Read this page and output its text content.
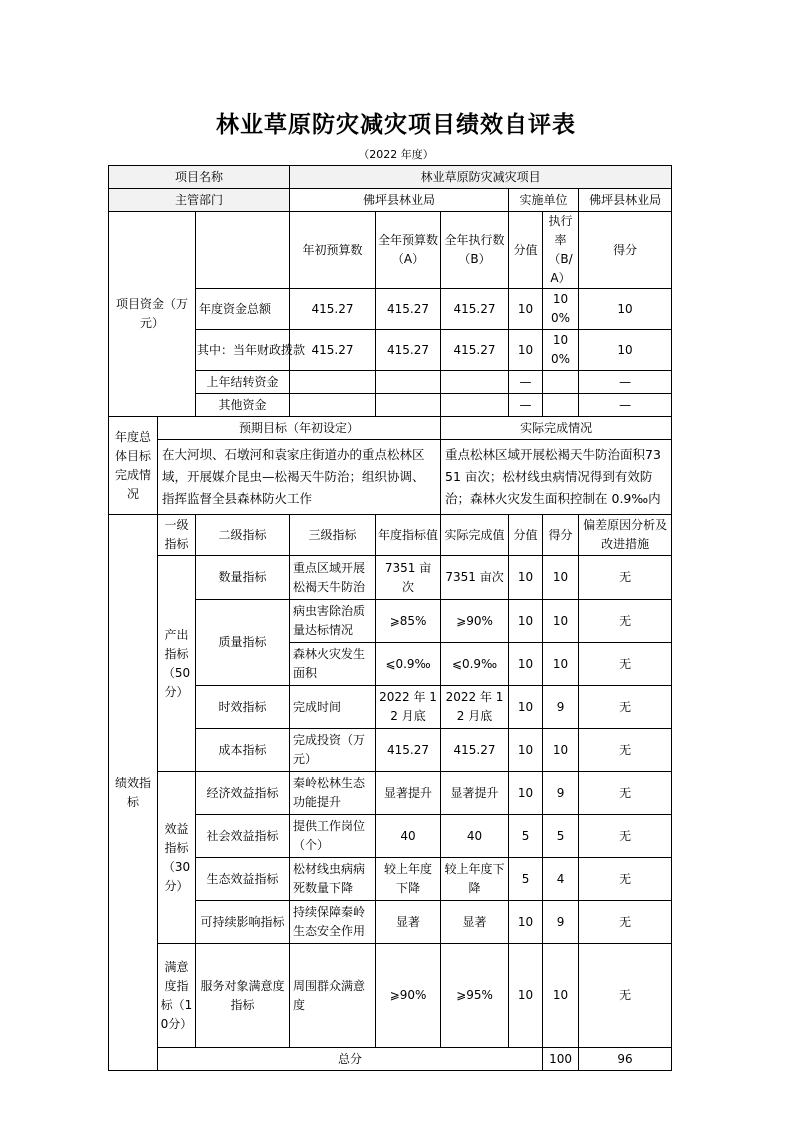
林业草原防灾减灾项目绩效自评表
（2022 年度）
项目名称			林业草原防灾减灾项目						
主管部门			佛坪县林业局			实施单位		佛坪县林业局	
项目资金（万元）			年初预算数	全年预算数（A）	全年执行数（B）	分值	执行率（B/A）	得分	
		年度资金总额	415.27	415.27	415.27	10	100%	10	
		其中：当年财政拨款	415.27	415.27	415.27	10	100%	10	
		上年结转资金				—		—	
		其他资金				—		—	
年度总体目标完成情况	预期目标（年初设定）				实际完成情况				
	在大河坝、石墩河和袁家庄街道办的重点松林区域，开展媒介昆虫—松褐天牛防治；组织协调、指挥监督全县森林防火工作				重点松林区域开展松褐天牛防治面积7351 亩次；松材线虫病情况得到有效防治；森林火灾发生面积控制在 0.9‰内				
绩效指标	一级指标	二级指标	三级指标	年度指标值	实际完成值	分值	得分	偏差原因分析及改进措施	
	产出指标（50分）	数量指标	重点区域开展松褐天牛防治	7351 亩次	7351 亩次	10	10	无	
		质量指标	病虫害除治质量达标情况	⩾85%	⩾90%	10	10	无	
			森林火灾发生面积	⩽0.9‰	⩽0.9‰	10	10	无	
		时效指标	完成时间	2022 年 12 月底	2022 年 12 月底	10	9	无	
		成本指标	完成投资（万元）	415.27	415.27	10	10	无	
	效益指标（30分）	经济效益指标	秦岭松林生态功能提升	显著提升	显著提升	10	9	无	
		社会效益指标	提供工作岗位（个）	40	40	5	5	无	
		生态效益指标	松材线虫病病死数量下降	较上年度下降	较上年度下降	5	4	无	
		可持续影响指标	持续保障秦岭生态安全作用	显著	显著	10	9	无	
	满意度指标（10分）	服务对象满意度指标	周围群众满意度	⩾90%	⩾95%	10	10	无	
	总分						100	96	
